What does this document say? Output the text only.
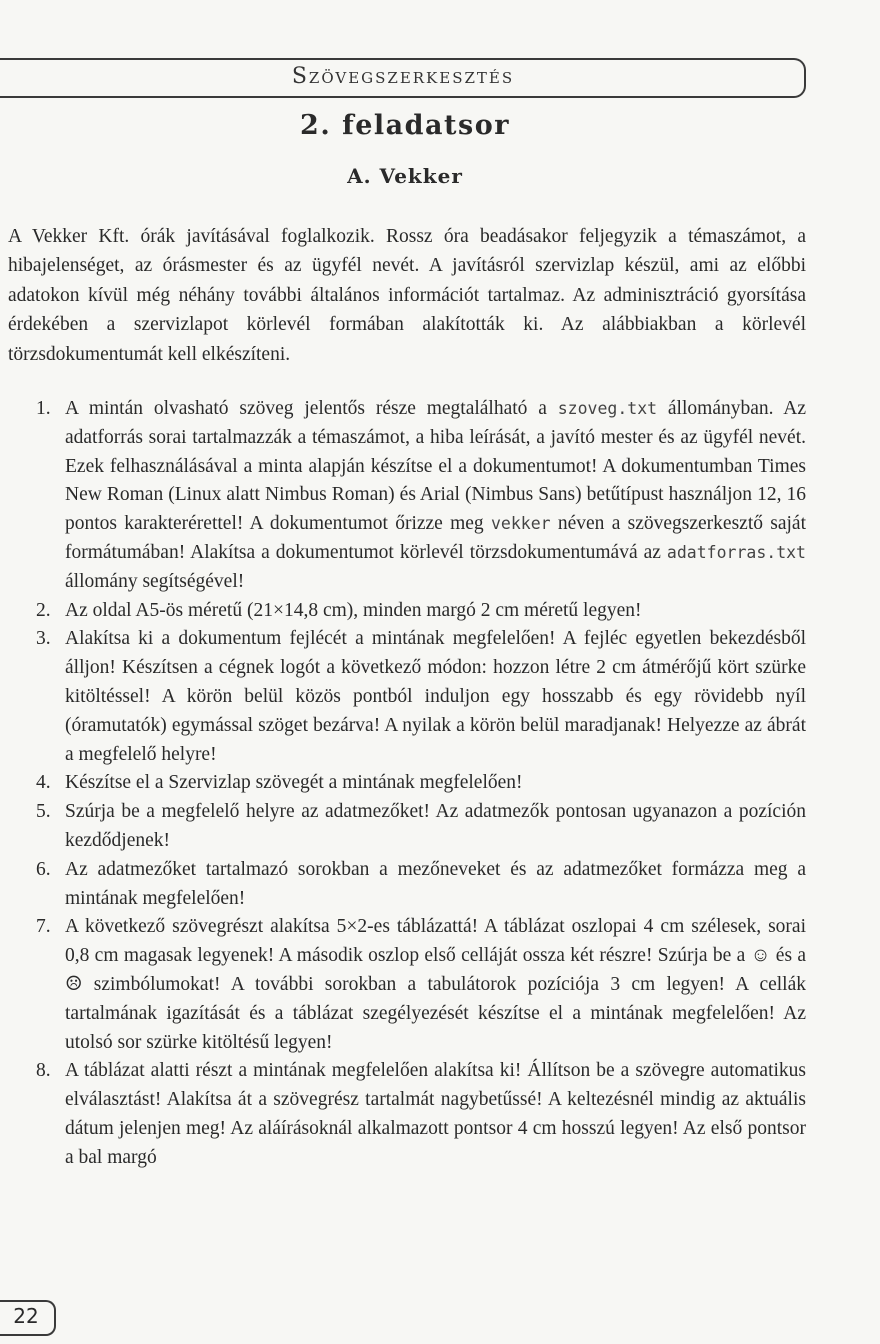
Szövegszerkesztés
2. feladatsor
A. Vekker

A Vekker Kft. órák javításával foglalkozik. Rossz óra beadásakor feljegyzik a témaszámot, a hibajelenséget, az órásmester és az ügyfél nevét. A javításról szervizlap készül, ami az előbbi adatokon kívül még néhány további általános információt tartalmaz. Az adminisztráció gyorsítása érdekében a szervizlapot körlevél formában alakították ki. Az alábbiakban a körlevél törzsdokumentumát kell elkészíteni.

1. A mintán olvasható szöveg jelentős része megtalálható a szoveg.txt állományban. Az adatforrás sorai tartalmazzák a témaszámot, a hiba leírását, a javító mester és az ügyfél nevét. Ezek felhasználásával a minta alapján készítse el a dokumentumot! A dokumentumban Times New Roman (Linux alatt Nimbus Roman) és Arial (Nimbus Sans) betűtípust használjon 12, 16 pontos karakterérettel! A dokumentumot őrizze meg vekker néven a szövegszerkesztő saját formátumában! Alakítsa a dokumentumot körlevél törzsdokumentumává az adatforras.txt állomány segítségével!
2. Az oldal A5-ös méretű (21×14,8 cm), minden margó 2 cm méretű legyen!
3. Alakítsa ki a dokumentum fejlécét a mintának megfelelően! A fejléc egyetlen bekezdésből álljon! Készítsen a cégnek logót a következő módon: hozzon létre 2 cm átmérőjű kört szürke kitöltéssel! A körön belül közös pontból induljon egy hosszabb és egy rövidebb nyíl (óramutatók) egymással szöget bezárva! A nyilak a körön belül maradjanak! Helyezze az ábrát a megfelelő helyre!
4. Készítse el a Szervizlap szövegét a mintának megfelelően!
5. Szúrja be a megfelelő helyre az adatmezőket! Az adatmezők pontosan ugyanazon a pozíción kezdődjenek!
6. Az adatmezőket tartalmazó sorokban a mezőneveket és az adatmezőket formázza meg a mintának megfelelően!
7. A következő szövegrészt alakítsa 5×2-es táblázattá! A táblázat oszlopai 4 cm szélesek, sorai 0,8 cm magasak legyenek! A második oszlop első celláját ossza két részre! Szúrja be a ☺ és a ☹ szimbólumokat! A további sorokban a tabulátorok pozíciója 3 cm legyen! A cellák tartalmának igazítását és a táblázat szegélyezését készítse el a mintának megfelelően! Az utolsó sor szürke kitöltésű legyen!
8. A táblázat alatti részt a mintának megfelelően alakítsa ki! Állítson be a szövegre automatikus elválasztást! Alakítsa át a szövegrész tartalmát nagybetűssé! A keltezésnél mindig az aktuális dátum jelenjen meg! Az aláírásoknál alkalmazott pontsor 4 cm hosszú legyen! Az első pontsor a bal margó
22
